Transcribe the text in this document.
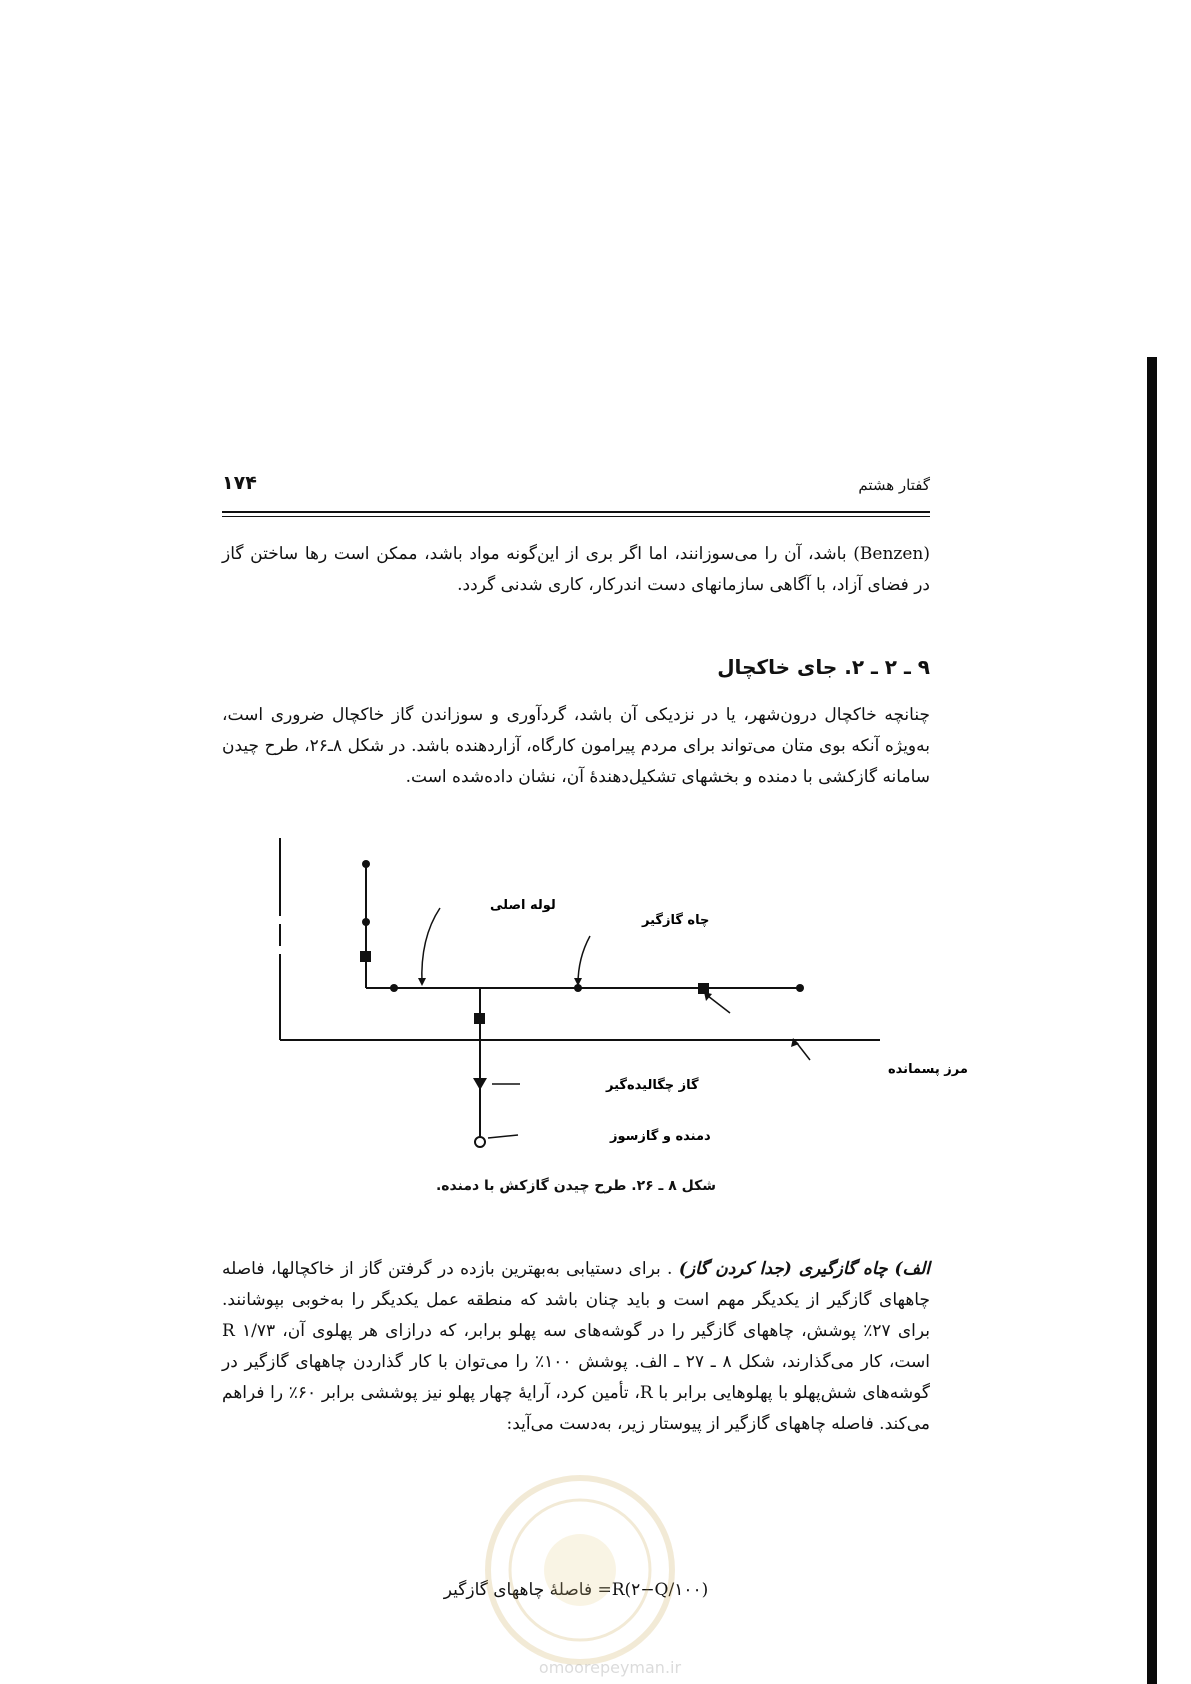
۱۷۴	گفتار هشتم

(Benzen) باشد، آن را می‌سوزانند، اما اگر بری از این‌گونه مواد باشد، ممکن است رها ساختن گاز در فضای آزاد، با آگاهی سازمانهای دست اندرکار، کاری شدنی گردد.

۹ ـ ۲ ـ ۲. جای خاکچال

چنانچه خاکچال درون‌شهر، یا در نزدیکی آن باشد، گردآوری و سوزاندن گاز خاکچال ضروری است، به‌ویژه آنکه بوی متان می‌تواند برای مردم پیرامون کارگاه، آزاردهنده باشد. در شکل ۸ـ۲۶، طرح چیدن سامانه گازکشی با دمنده و بخشهای تشکیل‌دهندهٔ آن، نشان داده‌شده است.

لوله اصلی
چاه گازگیر
گاز چگالیده‌گیر
دمنده و گازسوز
مرز پسمانده
شکل ۸ ـ ۲۶. طرح چیدن گازکش با دمنده.

الف) چاه گازگیری (جدا کردن گاز) . برای دستیابی به‌بهترین بازده در گرفتن گاز از خاکچالها، فاصله چاههای گازگیر از یکدیگر مهم است و باید چنان باشد که منطقه عمل یکدیگر را به‌خوبی بپوشانند. برای ۲۷٪ پوشش، چاههای گازگیر را در گوشه‌های سه پهلو برابر، که درازای هر پهلوی آن، R ۱/۷۳ است، کار می‌گذارند، شکل ۸ ـ ۲۷ ـ الف. پوشش ۱۰۰٪ را می‌توان با کار گذاردن چاههای گازگیر در گوشه‌های شش‌پهلو با پهلوهایی برابر با R، تأمین کرد، آرایهٔ چهار پهلو نیز پوششی برابر ۶۰٪ را فراهم می‌کند. فاصله چاههای گازگیر از پیوستار زیر، به‌دست می‌آید:

R(۲−Q/۱۰۰)= فاصلهٔ چاههای گازگیر
omoorepeyman.ir
